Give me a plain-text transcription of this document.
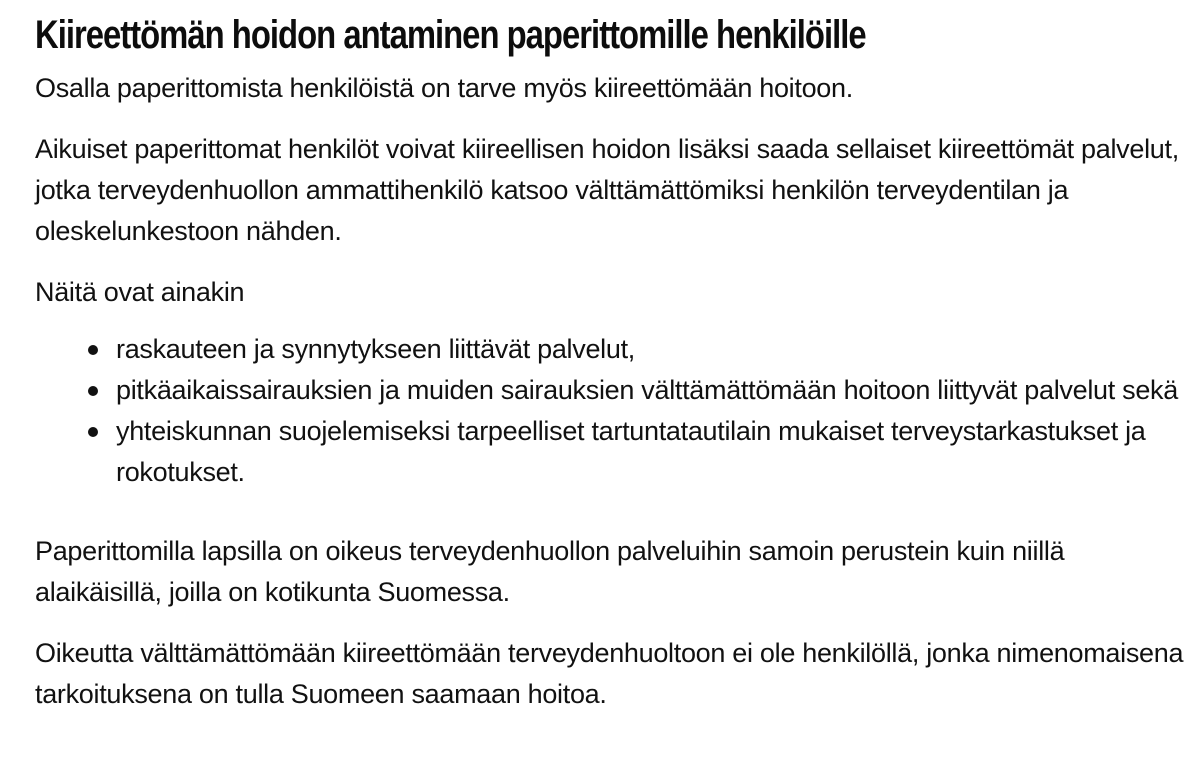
Kiireettömän hoidon antaminen paperittomille henkilöille

Osalla paperittomista henkilöistä on tarve myös kiireettömään hoitoon.

Aikuiset paperittomat henkilöt voivat kiireellisen hoidon lisäksi saada sellaiset kiireettömät palvelut, jotka terveydenhuollon ammattihenkilö katsoo välttämättömiksi henkilön terveydentilan ja oleskelunkestoon nähden.

Näitä ovat ainakin

raskauteen ja synnytykseen liittävät palvelut,
pitkäaikaissairauksien ja muiden sairauksien välttämättömään hoitoon liittyvät palvelut sekä
yhteiskunnan suojelemiseksi tarpeelliset tartuntatautilain mukaiset terveystarkastukset ja rokotukset.

Paperittomilla lapsilla on oikeus terveydenhuollon palveluihin samoin perustein kuin niillä alaikäisillä, joilla on kotikunta Suomessa.

Oikeutta välttämättömään kiireettömään terveydenhuoltoon ei ole henkilöllä, jonka nimenomaisena tarkoituksena on tulla Suomeen saamaan hoitoa.
